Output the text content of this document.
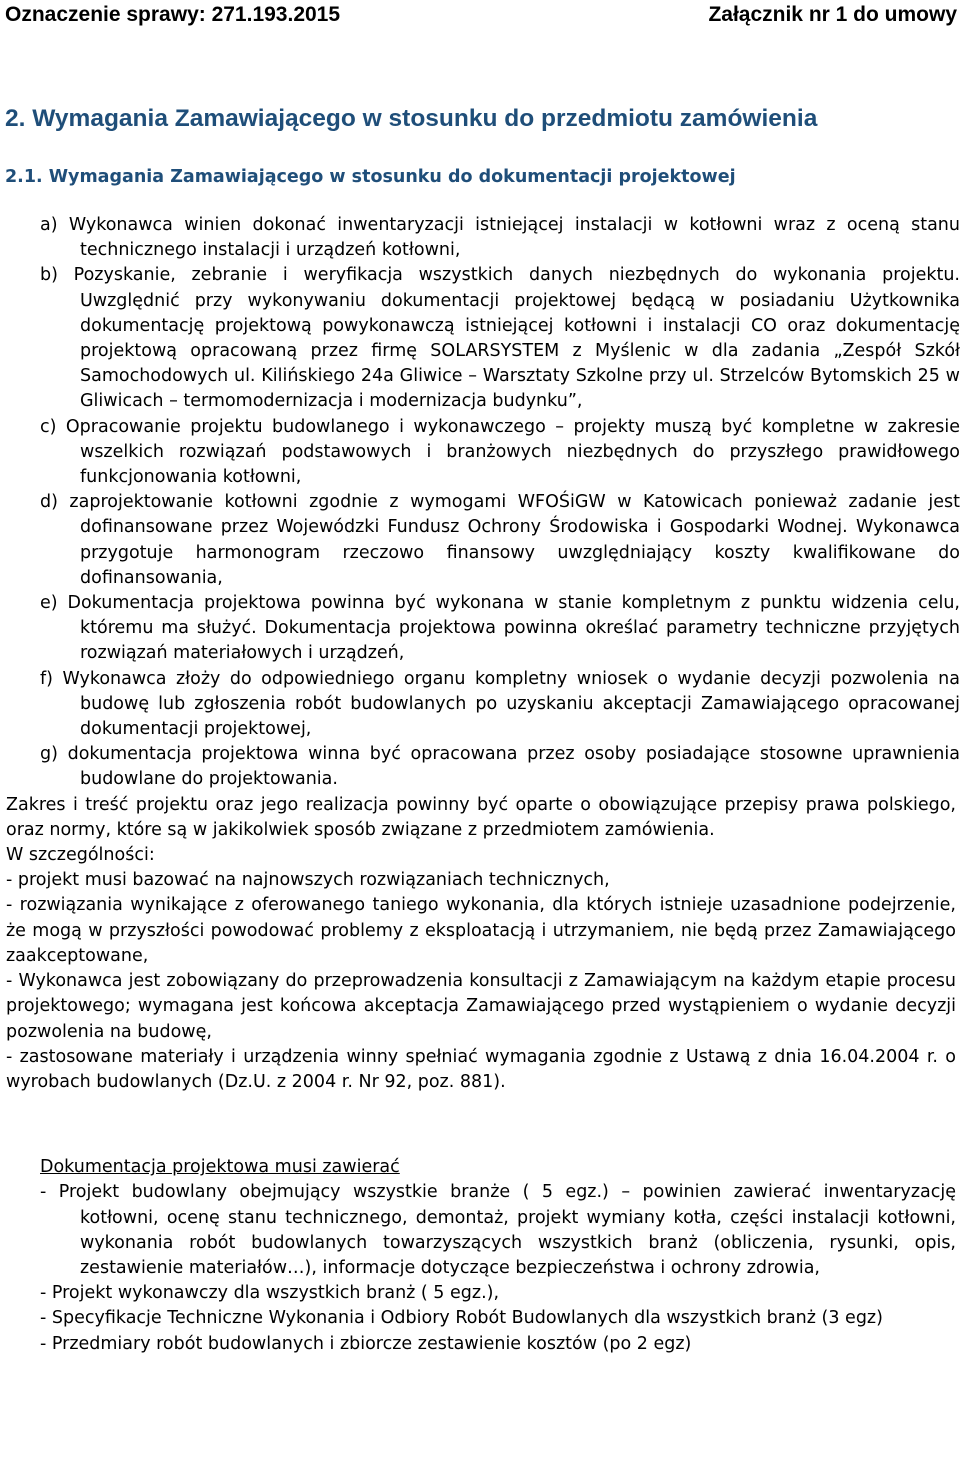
Oznaczenie sprawy: 271.193.2015	Załącznik nr 1 do umowy
2. Wymagania Zamawiającego w stosunku do przedmiotu zamówienia
2.1. Wymagania Zamawiającego w stosunku do dokumentacji projektowej

a) Wykonawca winien dokonać inwentaryzacji istniejącej instalacji w kotłowni wraz z oceną stanu technicznego instalacji i urządzeń kotłowni,

b) Pozyskanie, zebranie i weryfikacja wszystkich danych niezbędnych do wykonania projektu. Uwzględnić przy wykonywaniu dokumentacji projektowej będącą w posiadaniu Użytkownika dokumentację projektową powykonawczą istniejącej kotłowni i instalacji CO oraz dokumentację projektową opracowaną przez firmę SOLARSYSTEM z Myślenic w dla zadania „Zespół Szkół Samochodowych ul. Kilińskiego 24a Gliwice – Warsztaty Szkolne przy ul. Strzelców Bytomskich 25 w Gliwicach – termomodernizacja i modernizacja budynku”,

c) Opracowanie projektu budowlanego i wykonawczego – projekty muszą być kompletne w zakresie wszelkich rozwiązań podstawowych i branżowych niezbędnych do przyszłego prawidłowego funkcjonowania kotłowni,

d) zaprojektowanie kotłowni zgodnie z wymogami WFOŚiGW w Katowicach ponieważ zadanie jest dofinansowane przez Wojewódzki Fundusz Ochrony Środowiska i Gospodarki Wodnej. Wykonawca przygotuje harmonogram rzeczowo finansowy uwzględniający koszty kwalifikowane do dofinansowania,

e) Dokumentacja projektowa powinna być wykonana w stanie kompletnym z punktu widzenia celu, któremu ma służyć. Dokumentacja projektowa powinna określać parametry techniczne przyjętych rozwiązań materiałowych i urządzeń,

f) Wykonawca złoży do odpowiedniego organu kompletny wniosek o wydanie decyzji pozwolenia na budowę lub zgłoszenia robót budowlanych po uzyskaniu akceptacji Zamawiającego opracowanej dokumentacji projektowej,

g) dokumentacja projektowa winna być opracowana przez osoby posiadające stosowne uprawnienia budowlane do projektowania.

Zakres i treść projektu oraz jego realizacja powinny być oparte o obowiązujące przepisy prawa polskiego, oraz normy, które są w jakikolwiek sposób związane z przedmiotem zamówienia.

W szczególności:

- projekt musi bazować na najnowszych rozwiązaniach technicznych,

- rozwiązania wynikające z oferowanego taniego wykonania, dla których istnieje uzasadnione podejrzenie, że mogą w przyszłości powodować problemy z eksploatacją i utrzymaniem, nie będą przez Zamawiającego zaakceptowane,

- Wykonawca jest zobowiązany do przeprowadzenia konsultacji z Zamawiającym na każdym etapie procesu projektowego; wymagana jest końcowa akceptacja Zamawiającego przed wystąpieniem o wydanie decyzji pozwolenia na budowę,

- zastosowane materiały i urządzenia winny spełniać wymagania zgodnie z Ustawą z dnia 16.04.2004 r. o wyrobach budowlanych (Dz.U. z 2004 r. Nr 92, poz. 881).

Dokumentacja projektowa musi zawierać

- Projekt budowlany obejmujący wszystkie branże ( 5 egz.) – powinien zawierać inwentaryzację kotłowni, ocenę stanu technicznego, demontaż, projekt wymiany kotła, części instalacji kotłowni, wykonania robót budowlanych towarzyszących wszystkich branż (obliczenia, rysunki, opis, zestawienie materiałów…), informacje dotyczące bezpieczeństwa i ochrony zdrowia,

- Projekt wykonawczy dla wszystkich branż ( 5 egz.),

- Specyfikacje Techniczne Wykonania i Odbiory Robót Budowlanych dla wszystkich branż (3 egz)

- Przedmiary robót budowlanych i zbiorcze zestawienie kosztów (po 2 egz)
